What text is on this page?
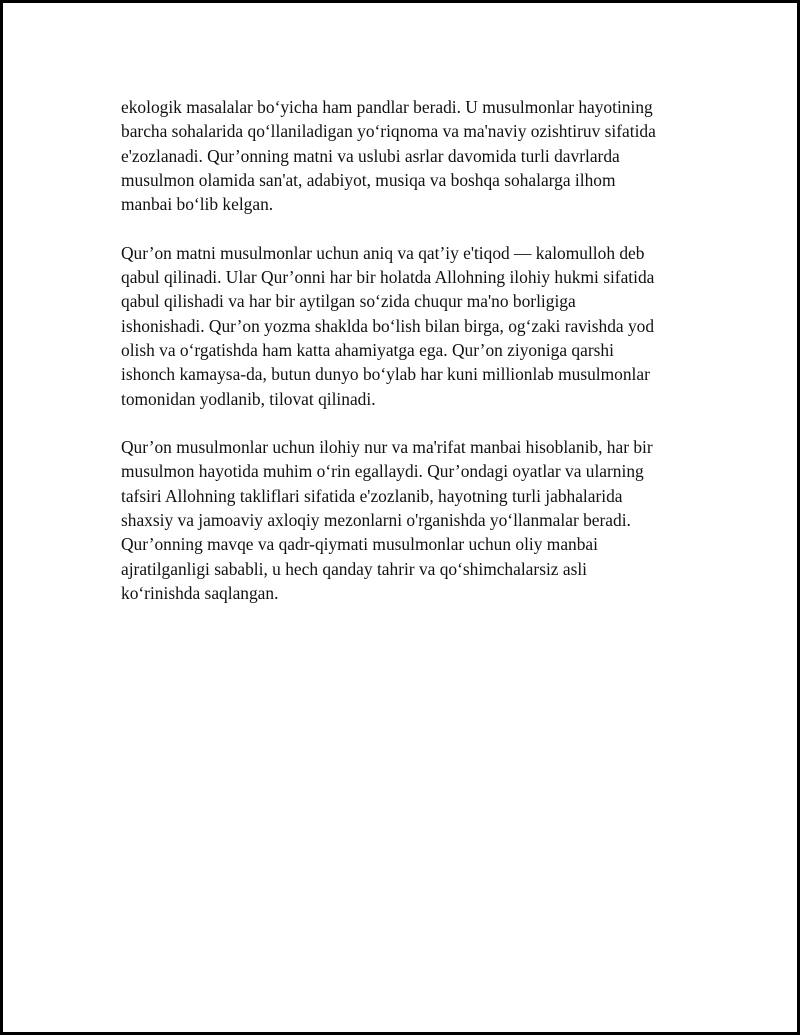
ekologik masalalar bo‘yicha ham pandlar beradi. U musulmonlar hayotining
barcha sohalarida qo‘llaniladigan yo‘riqnoma va ma'naviy ozishtiruv sifatida
e'zozlanadi. Qur’onning matni va uslubi asrlar davomida turli davrlarda
musulmon olamida san'at, adabiyot, musiqa va boshqa sohalarga ilhom
manbai bo‘lib kelgan.

Qur’on matni musulmonlar uchun aniq va qat’iy e'tiqod — kalomulloh deb
qabul qilinadi. Ular Qur’onni har bir holatda Allohning ilohiy hukmi sifatida
qabul qilishadi va har bir aytilgan so‘zida chuqur ma'no borligiga
ishonishadi. Qur’on yozma shaklda bo‘lish bilan birga, og‘zaki ravishda yod
olish va o‘rgatishda ham katta ahamiyatga ega. Qur’on ziyoniga qarshi
ishonch kamaysa-da, butun dunyo bo‘ylab har kuni millionlab musulmonlar
tomonidan yodlanib, tilovat qilinadi.

Qur’on musulmonlar uchun ilohiy nur va ma'rifat manbai hisoblanib, har bir
musulmon hayotida muhim o‘rin egallaydi. Qur’ondagi oyatlar va ularning
tafsiri Allohning takliflari sifatida e'zozlanib, hayotning turli jabhalarida
shaxsiy va jamoaviy axloqiy mezonlarni o'rganishda yo‘llanmalar beradi.
Qur’onning mavqe va qadr-qiymati musulmonlar uchun oliy manbai
ajratilganligi sababli, u hech qanday tahrir va qo‘shimchalarsiz asli
ko‘rinishda saqlangan.
